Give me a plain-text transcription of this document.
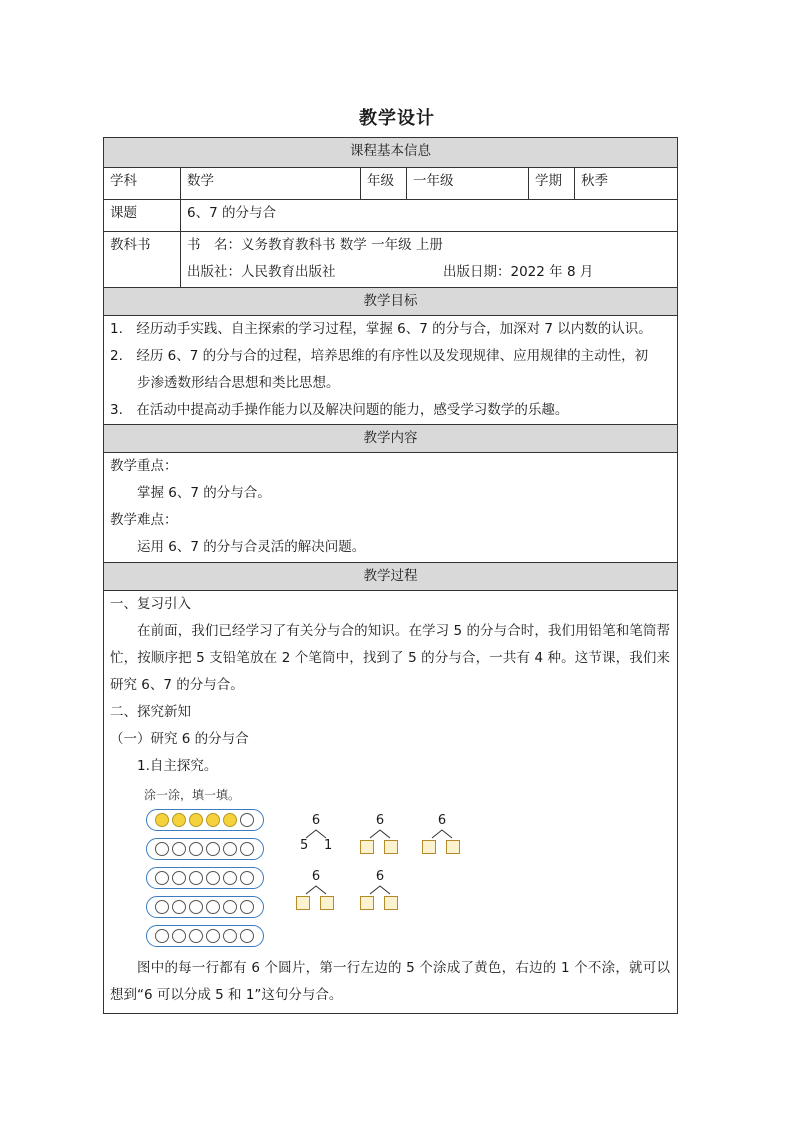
教学设计
课程基本信息
学科	数学	年级	一年级	学期	秋季
课题	6、7 的分与合
教科书	书　名：义务教育教科书 数学 一年级 上册
出版社：人民教育出版社	出版日期：2022 年 8 月
教学目标
1.　经历动手实践、自主探索的学习过程，掌握 6、7 的分与合，加深对 7 以内数的认识。
2.　经历 6、7 的分与合的过程，培养思维的有序性以及发现规律、应用规律的主动性，初
步渗透数形结合思想和类比思想。
3.　在活动中提高动手操作能力以及解决问题的能力，感受学习数学的乐趣。
教学内容
教学重点：
掌握 6、7 的分与合。
教学难点：
运用 6、7 的分与合灵活的解决问题。
教学过程
一、复习引入
在前面，我们已经学习了有关分与合的知识。在学习 5 的分与合时，我们用铅笔和笔筒帮忙，按顺序把 5 支铅笔放在 2 个笔筒中，找到了 5 的分与合，一共有 4 种。这节课，我们来研究 6、7 的分与合。
二、探究新知
（一）研究 6 的分与合
1.自主探究。
涂一涂，填一填。
6
5 1
6	6
6	6
图中的每一行都有 6 个圆片，第一行左边的 5 个涂成了黄色，右边的 1 个不涂，就可以想到“6 可以分成 5 和 1”这句分与合。
